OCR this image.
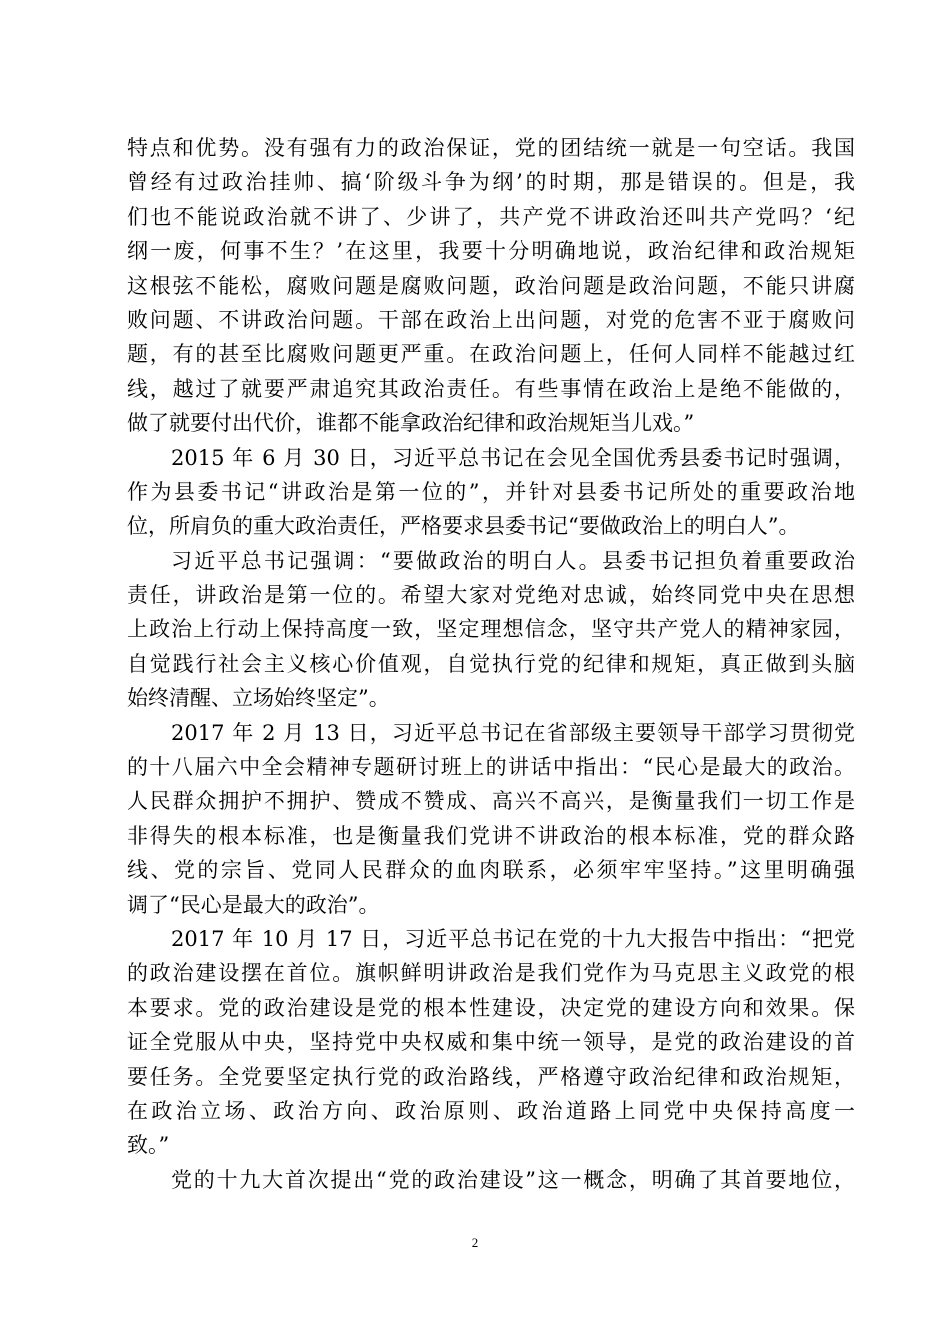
特点和优势。没有强有力的政治保证，党的团结统一就是一句空话。我国
曾经有过政治挂帅、搞‘阶级斗争为纲’的时期，那是错误的。但是，我
们也不能说政治就不讲了、少讲了，共产党不讲政治还叫共产党吗？‘纪
纲一废，何事不生？’在这里，我要十分明确地说，政治纪律和政治规矩
这根弦不能松，腐败问题是腐败问题，政治问题是政治问题，不能只讲腐
败问题、不讲政治问题。干部在政治上出问题，对党的危害不亚于腐败问
题，有的甚至比腐败问题更严重。在政治问题上，任何人同样不能越过红
线，越过了就要严肃追究其政治责任。有些事情在政治上是绝不能做的，
做了就要付出代价，谁都不能拿政治纪律和政治规矩当儿戏。”
2015 年 6 月 30 日，习近平总书记在会见全国优秀县委书记时强调，
作为县委书记“讲政治是第一位的”，并针对县委书记所处的重要政治地
位，所肩负的重大政治责任，严格要求县委书记“要做政治上的明白人”。
习近平总书记强调：“要做政治的明白人。县委书记担负着重要政治
责任，讲政治是第一位的。希望大家对党绝对忠诚，始终同党中央在思想
上政治上行动上保持高度一致，坚定理想信念，坚守共产党人的精神家园，
自觉践行社会主义核心价值观，自觉执行党的纪律和规矩，真正做到头脑
始终清醒、立场始终坚定”。
2017 年 2 月 13 日，习近平总书记在省部级主要领导干部学习贯彻党
的十八届六中全会精神专题研讨班上的讲话中指出：“民心是最大的政治。
人民群众拥护不拥护、赞成不赞成、高兴不高兴，是衡量我们一切工作是
非得失的根本标准，也是衡量我们党讲不讲政治的根本标准，党的群众路
线、党的宗旨、党同人民群众的血肉联系，必须牢牢坚持。”这里明确强
调了“民心是最大的政治”。
2017 年 10 月 17 日，习近平总书记在党的十九大报告中指出：“把党
的政治建设摆在首位。旗帜鲜明讲政治是我们党作为马克思主义政党的根
本要求。党的政治建设是党的根本性建设，决定党的建设方向和效果。保
证全党服从中央，坚持党中央权威和集中统一领导，是党的政治建设的首
要任务。全党要坚定执行党的政治路线，严格遵守政治纪律和政治规矩，
在政治立场、政治方向、政治原则、政治道路上同党中央保持高度一
致。”
党的十九大首次提出“党的政治建设”这一概念，明确了其首要地位，
2
